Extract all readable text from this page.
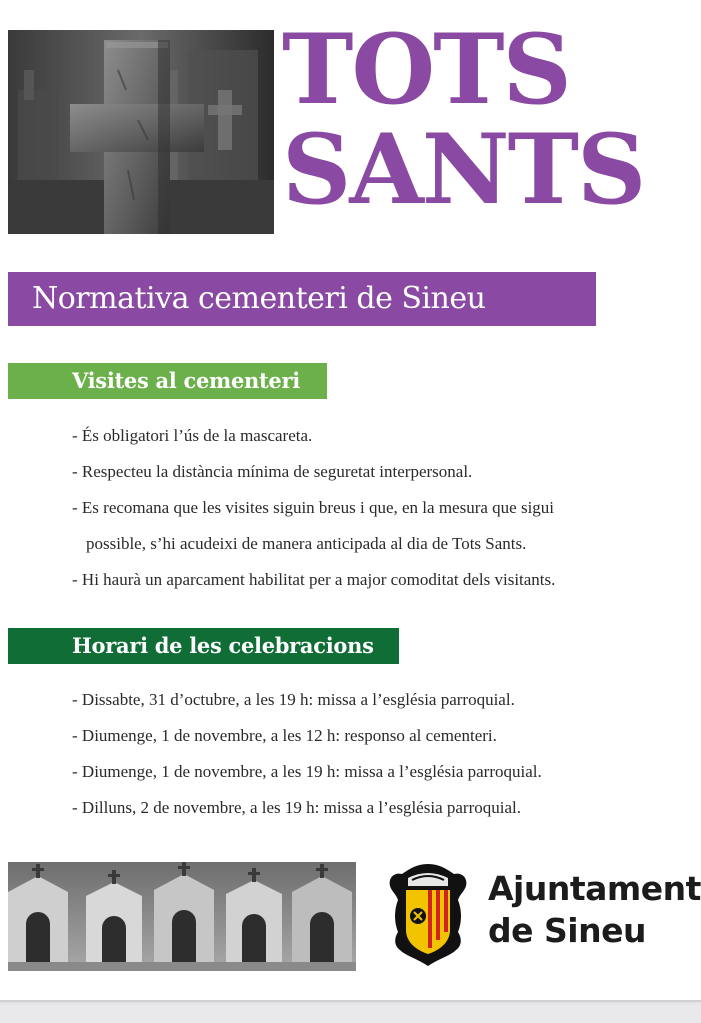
TOTS
SANTS
Normativa cementeri de Sineu
Visites al cementeri
- És obligatori l’ús de la mascareta.
- Respecteu la distància mínima de seguretat interpersonal.
- Es recomana que les visites siguin breus i que, en la mesura que sigui
possible, s’hi acudeixi de manera anticipada al dia de Tots Sants.
- Hi haurà un aparcament habilitat per a major comoditat dels visitants.
Horari de les celebracions
- Dissabte, 31 d’octubre, a les 19 h: missa a l’església parroquial.
- Diumenge, 1 de novembre, a les 12 h: responso al cementeri.
- Diumenge, 1 de novembre, a les 19 h: missa a l’església parroquial.
- Dilluns, 2 de novembre, a les 19 h: missa a l’església parroquial.
Ajuntament
de Sineu
